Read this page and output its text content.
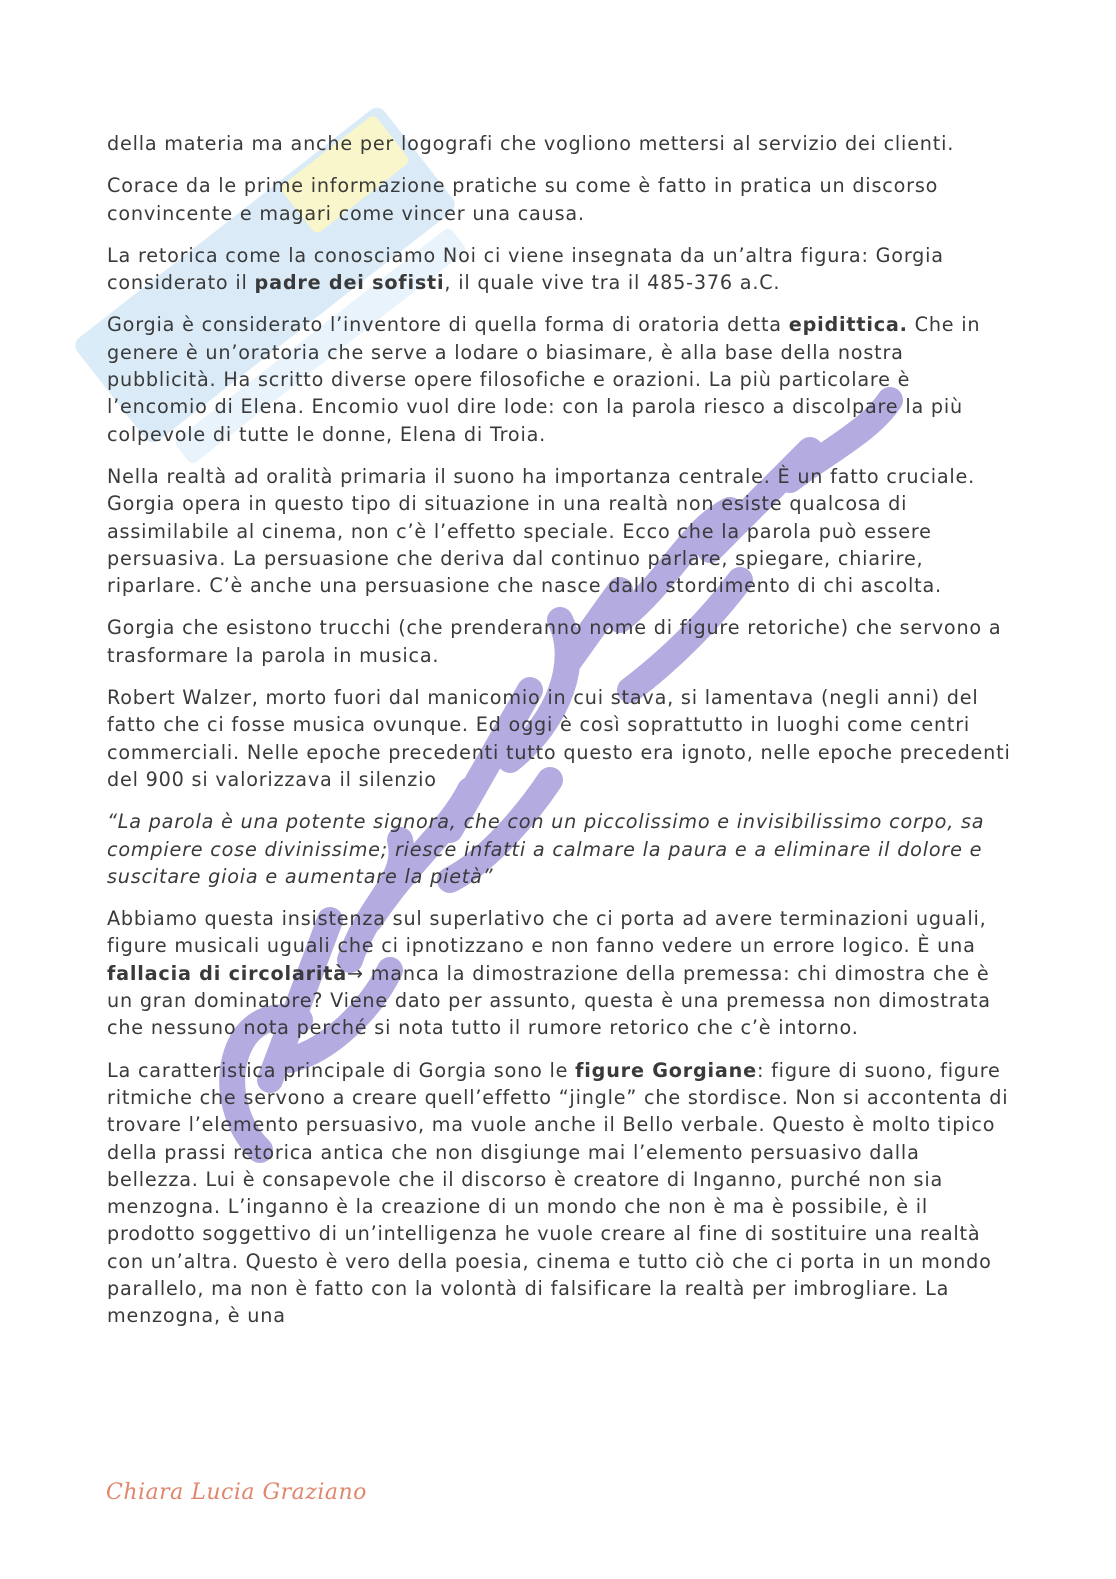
della materia ma anche per logografi che vogliono mettersi al servizio dei clienti.

Corace da le prime informazione pratiche su come è fatto in pratica un discorso convincente e magari come vincer una causa.

La retorica come la conosciamo Noi ci viene insegnata da un’altra figura: Gorgia considerato il padre dei sofisti, il quale vive tra il 485-376 a.C.

Gorgia è considerato l’inventore di quella forma di oratoria detta epidittica. Che in genere è un’oratoria che serve a lodare o biasimare, è alla base della nostra pubblicità. Ha scritto diverse opere filosofiche e orazioni. La più particolare è l’encomio di Elena. Encomio vuol dire lode: con la parola riesco a discolpare la più colpevole di tutte le donne, Elena di Troia.

Nella realtà ad oralità primaria il suono ha importanza centrale. È un fatto cruciale. Gorgia opera in questo tipo di situazione in una realtà non esiste qualcosa di assimilabile al cinema, non c’è l’effetto speciale. Ecco che la parola può essere persuasiva. La persuasione che deriva dal continuo parlare, spiegare, chiarire, riparlare. C’è anche una persuasione che nasce dallo stordimento di chi ascolta.

Gorgia che esistono trucchi (che prenderanno nome di figure retoriche) che servono a trasformare la parola in musica.

Robert Walzer, morto fuori dal manicomio in cui stava, si lamentava (negli anni) del fatto che ci fosse musica ovunque. Ed oggi è così soprattutto in luoghi come centri commerciali. Nelle epoche precedenti tutto questo era ignoto, nelle epoche precedenti del 900 si valorizzava il silenzio

“La parola è una potente signora, che con un piccolissimo e invisibilissimo corpo, sa compiere cose divinissime; riesce infatti a calmare la paura e a eliminare il dolore e suscitare gioia e aumentare la pietà”

Abbiamo questa insistenza sul superlativo che ci porta ad avere terminazioni uguali, figure musicali uguali che ci ipnotizzano e non fanno vedere un errore logico. È una fallacia di circolarità→ manca la dimostrazione della premessa: chi dimostra che è un gran dominatore? Viene dato per assunto, questa è una premessa non dimostrata che nessuno nota perché si nota tutto il rumore retorico che c’è intorno.

La caratteristica principale di Gorgia sono le figure Gorgiane: figure di suono, figure ritmiche che servono a creare quell’effetto “jingle” che stordisce. Non si accontenta di trovare l’elemento persuasivo, ma vuole anche il Bello verbale. Questo è molto tipico della prassi retorica antica che non disgiunge mai l’elemento persuasivo dalla bellezza. Lui è consapevole che il discorso è creatore di Inganno, purché non sia menzogna. L’inganno è la creazione di un mondo che non è ma è possibile, è il prodotto soggettivo di un’intelligenza he vuole creare al fine di sostituire una realtà con un’altra. Questo è vero della poesia, cinema e tutto ciò che ci porta in un mondo parallelo, ma non è fatto con la volontà di falsificare la realtà per imbrogliare. La menzogna, è una

Chiara Lucia Graziano
